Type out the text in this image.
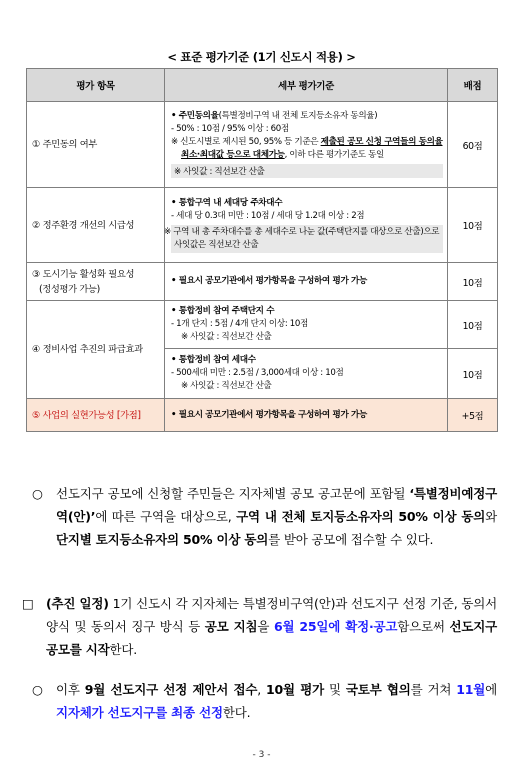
< 표준 평가기준 (1기 신도시 적용) >
평가 항목	세부 평가기준	배점
① 주민동의 여부	• 주민동의율(특별정비구역 내 전체 토지등소유자 동의율)
- 50% : 10점 / 95% 이상 : 60점
※ 신도시별로 제시된 50, 95% 등 기준은 제출된 공모 신청 구역들의 동의율 최소·최대값 등으로 대체가능, 이하 다른 평가기준도 동일
※ 사잇값 : 직선보간 산출	60점
② 정주환경 개선의 시급성	• 통합구역 내 세대당 주차대수
- 세대 당 0.3대 미만 : 10점 / 세대 당 1.2대 이상 : 2점
※ 구역 내 총 주차대수를 총 세대수로 나눈 값(주택단지를 대상으로 산출)으로 사잇값은 직선보간 산출	10점

③ 도시기능 활성화 필요성
(정성평가 가능)	• 필요시 공모기관에서 평가항목을 구성하여 평가 가능	10점
④ 정비사업 추진의 파급효과	• 통합정비 참여 주택단지 수
- 1개 단지 : 5점 / 4개 단지 이상: 10점
※ 사잇값 : 직선보간 산출	10점

	• 통합정비 참여 세대수
- 500세대 미만 : 2.5점 / 3,000세대 이상 : 10점
※ 사잇값 : 직선보간 산출	10점
⑤ 사업의 실현가능성 [가점]	• 필요시 공모기관에서 평가항목을 구성하여 평가 가능	+5점
○	선도지구 공모에 신청할 주민들은 지자체별 공모 공고문에 포함될 ‘특별정비예정구역(안)’에 따른 구역을 대상으로, 구역 내 전체 토지등소유자의 50% 이상 동의와 단지별 토지등소유자의 50% 이상 동의를 받아 공모에 접수할 수 있다.
□ (추진 일정) 1기 신도시 각 지자체는 특별정비구역(안)과 선도지구 선정 기준, 동의서 양식 및 동의서 징구 방식 등 공모 지침을 6월 25일에 확정·공고함으로써 선도지구 공모를 시작한다.
○	이후 9월 선도지구 선정 제안서 접수, 10월 평가 및 국토부 협의를 거쳐 11월에 지자체가 선도지구를 최종 선정한다.
- 3 -
